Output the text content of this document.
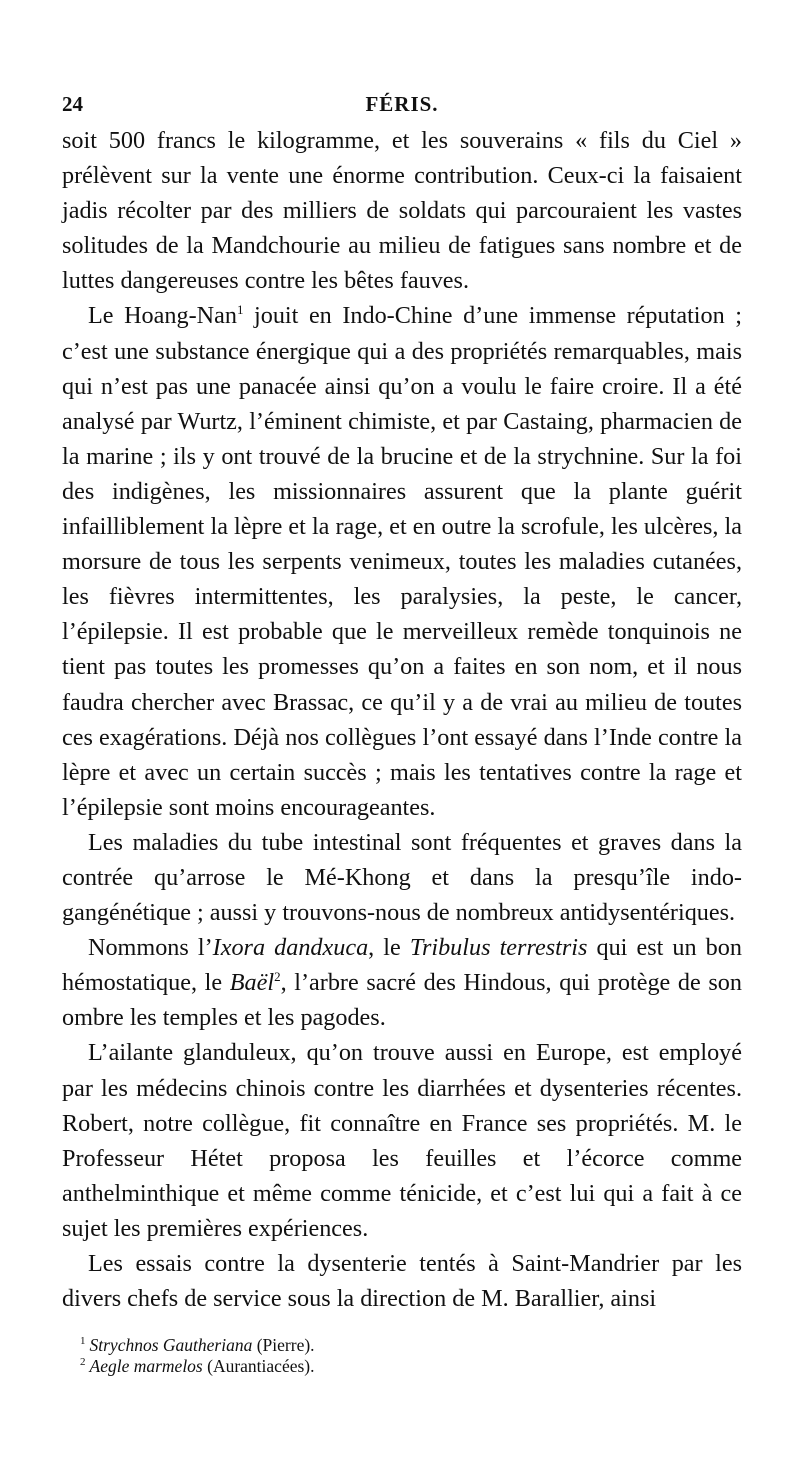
24	FÉRIS.

soit 500 francs le kilogramme, et les souverains « fils du Ciel » prélèvent sur la vente une énorme contribution. Ceux-ci la faisaient jadis récolter par des milliers de soldats qui parcouraient les vastes solitudes de la Mandchourie au milieu de fatigues sans nombre et de luttes dangereuses contre les bêtes fauves.

Le Hoang-Nan$^1$ jouit en Indo-Chine d’une immense réputation ; c’est une substance énergique qui a des propriétés remarquables, mais qui n’est pas une panacée ainsi qu’on a voulu le faire croire. Il a été analysé par Wurtz, l’éminent chimiste, et par Castaing, pharmacien de la marine ; ils y ont trouvé de la brucine et de la strychnine. Sur la foi des indigènes, les missionnaires assurent que la plante guérit infailliblement la lèpre et la rage, et en outre la scrofule, les ulcères, la morsure de tous les serpents venimeux, toutes les maladies cutanées, les fièvres intermittentes, les paralysies, la peste, le cancer, l’épilepsie. Il est probable que le merveilleux remède tonquinois ne tient pas toutes les promesses qu’on a faites en son nom, et il nous faudra chercher avec Brassac, ce qu’il y a de vrai au milieu de toutes ces exagérations. Déjà nos collègues l’ont essayé dans l’Inde contre la lèpre et avec un certain succès ; mais les tentatives contre la rage et l’épilepsie sont moins encourageantes.

Les maladies du tube intestinal sont fréquentes et graves dans la contrée qu’arrose le Mé-Khong et dans la presqu’île indo-gangénétique ; aussi y trouvons-nous de nombreux antidysentériques.

Nommons l’Ixora dandxuca, le Tribulus terrestris qui est un bon hémostatique, le Baël$^2$, l’arbre sacré des Hindous, qui protège de son ombre les temples et les pagodes.

L’ailante glanduleux, qu’on trouve aussi en Europe, est employé par les médecins chinois contre les diarrhées et dysenteries récentes. Robert, notre collègue, fit connaître en France ses propriétés. M. le Professeur Hétet proposa les feuilles et l’écorce comme anthelminthique et même comme ténicide, et c’est lui qui a fait à ce sujet les premières expériences.

Les essais contre la dysenterie tentés à Saint-Mandrier par les divers chefs de service sous la direction de M. Barallier, ainsi

$^1$ Strychnos Gautheriana (Pierre).

$^2$ Aegle marmelos (Aurantiacées).
